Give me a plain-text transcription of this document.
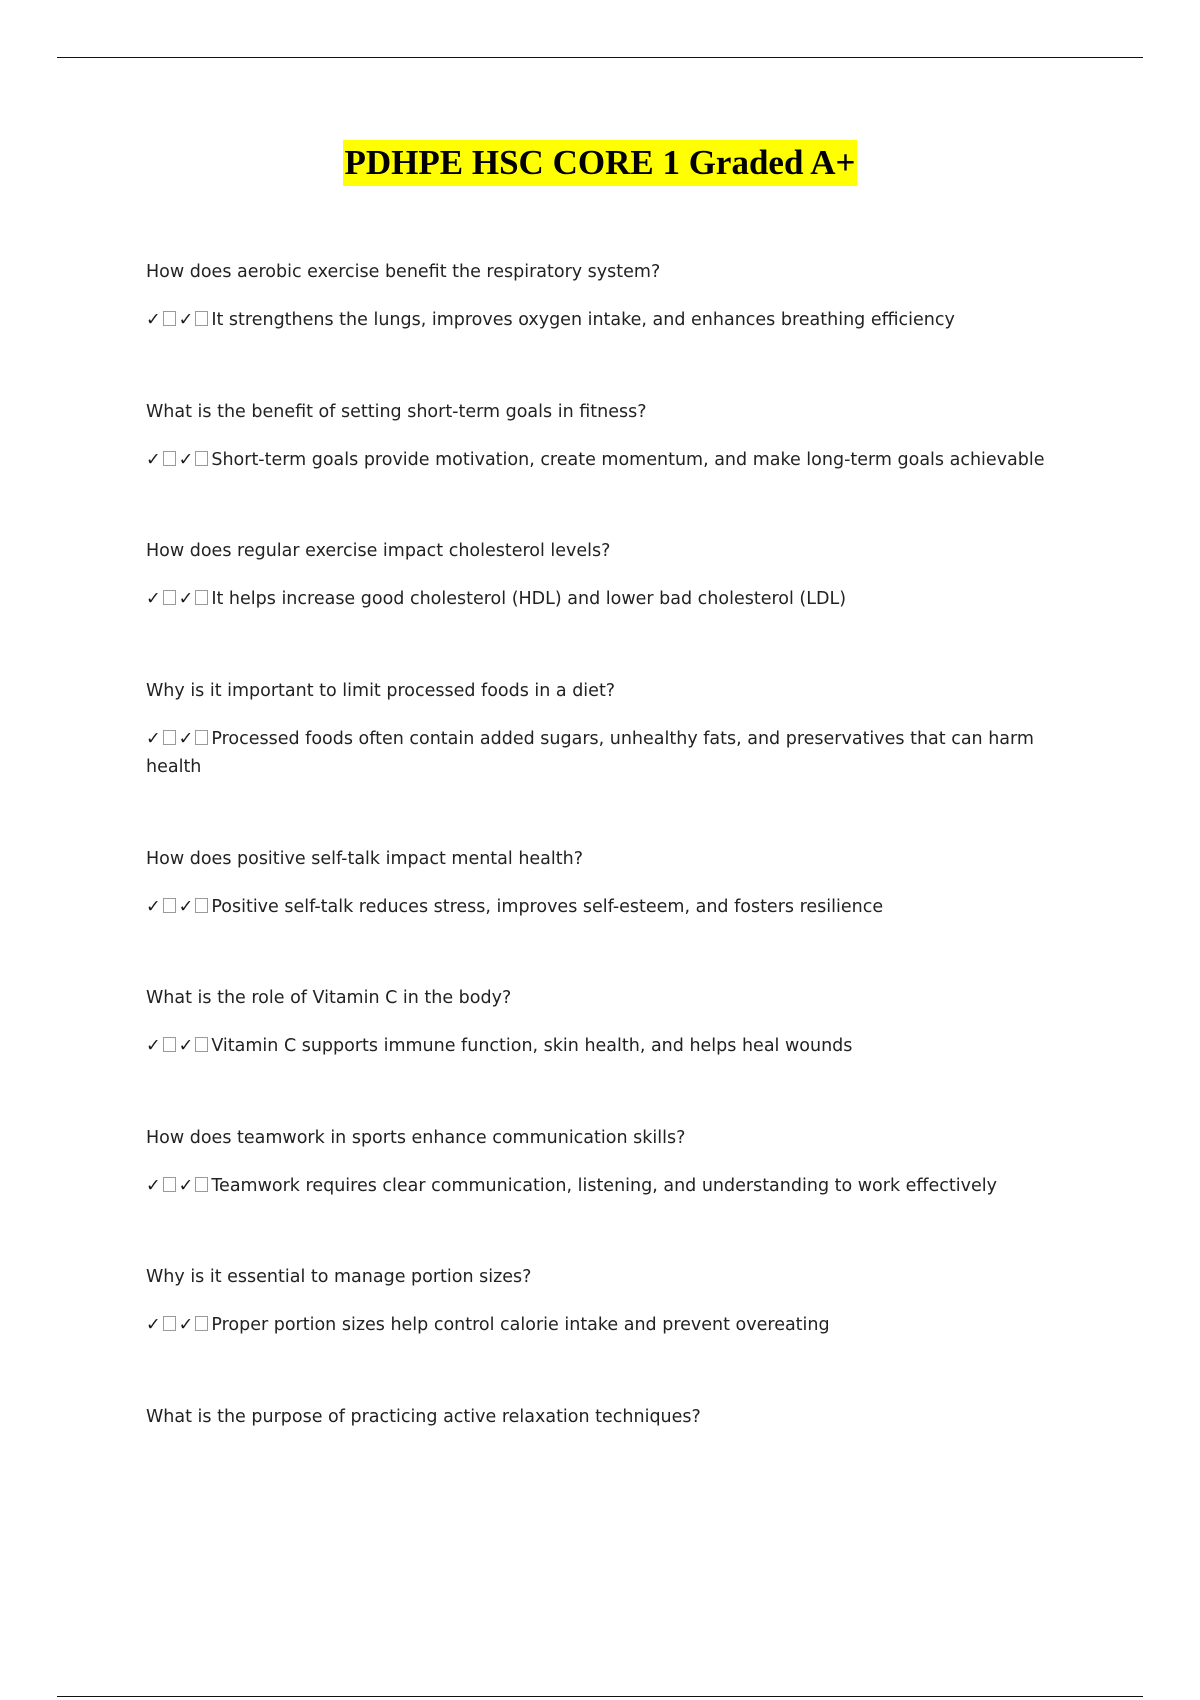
PDHPE HSC CORE 1 Graded A+

How does aerobic exercise benefit the respiratory system?

✓ ✓ It strengthens the lungs, improves oxygen intake, and enhances breathing efficiency

What is the benefit of setting short-term goals in fitness?

✓ ✓ Short-term goals provide motivation, create momentum, and make long-term goals achievable

How does regular exercise impact cholesterol levels?

✓ ✓ It helps increase good cholesterol (HDL) and lower bad cholesterol (LDL)

Why is it important to limit processed foods in a diet?

✓ ✓ Processed foods often contain added sugars, unhealthy fats, and preservatives that can harm health

How does positive self-talk impact mental health?

✓ ✓ Positive self-talk reduces stress, improves self-esteem, and fosters resilience

What is the role of Vitamin C in the body?

✓ ✓ Vitamin C supports immune function, skin health, and helps heal wounds

How does teamwork in sports enhance communication skills?

✓ ✓ Teamwork requires clear communication, listening, and understanding to work effectively

Why is it essential to manage portion sizes?

✓ ✓ Proper portion sizes help control calorie intake and prevent overeating

What is the purpose of practicing active relaxation techniques?
